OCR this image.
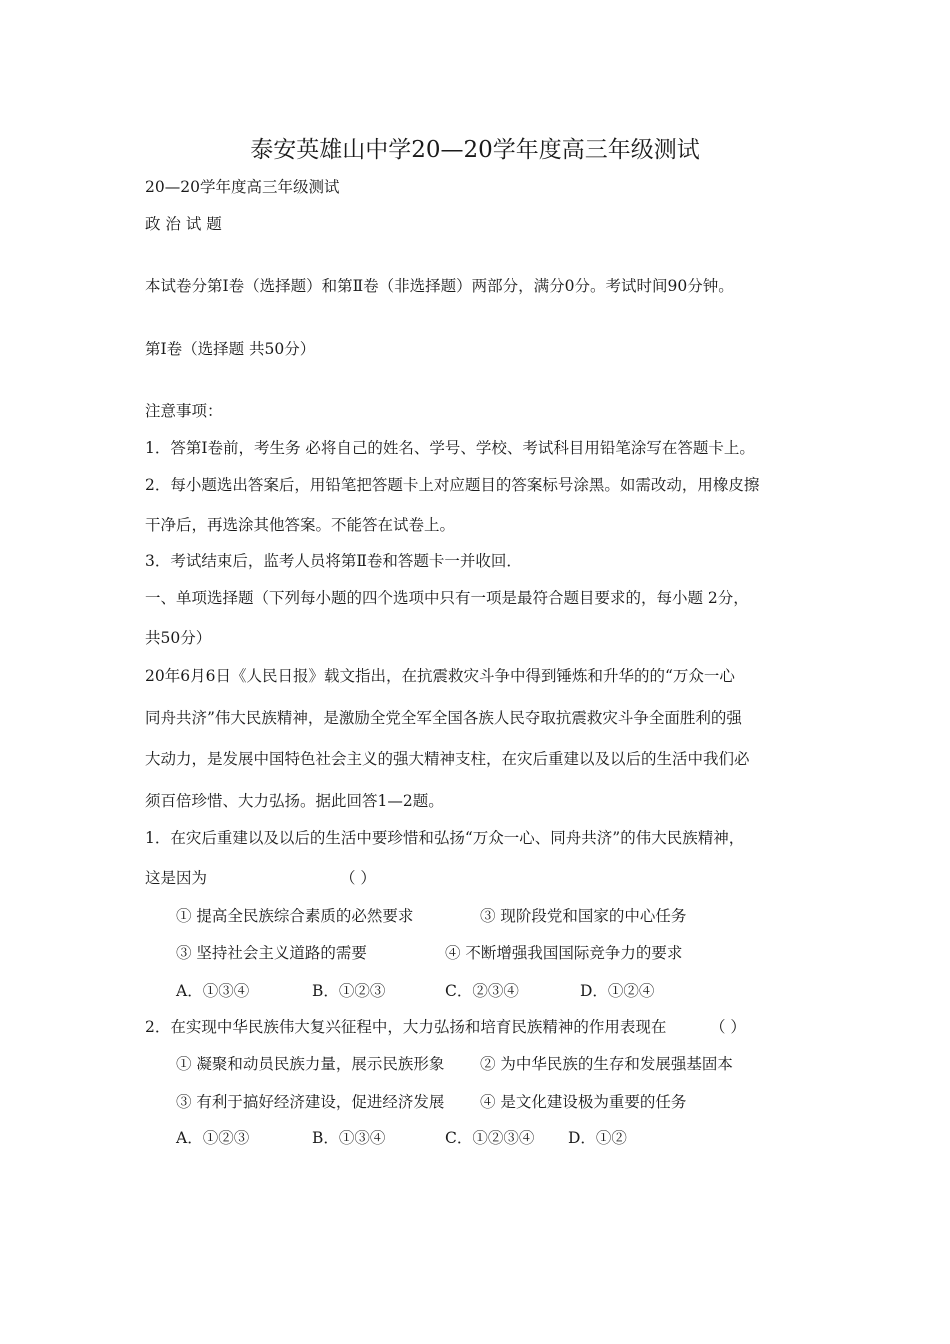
泰安英雄山中学20—20学年度高三年级测试
20—20学年度高三年级测试
政 治 试 题
本试卷分第Ⅰ卷（选择题）和第Ⅱ卷（非选择题）两部分，满分0分。考试时间90分钟。
第Ⅰ卷（选择题 共50分）
注意事项：
1．答第I卷前，考生务 必将自己的姓名、学号、学校、考试科目用铅笔涂写在答题卡上。
2．每小题选出答案后，用铅笔把答题卡上对应题目的答案标号涂黑。如需改动，用橡皮擦
干净后，再选涂其他答案。不能答在试卷上。
3．考试结束后，监考人员将第Ⅱ卷和答题卡一并收回．
一、单项选择题（下列每小题的四个选项中只有一项是最符合题目要求的，每小题 2分，
共50分）
20年6月6日《人民日报》载文指出，在抗震救灾斗争中得到锤炼和升华的的“万众一心
同舟共济”伟大民族精神，是激励全党全军全国各族人民夺取抗震救灾斗争全面胜利的强
大动力，是发展中国特色社会主义的强大精神支柱，在灾后重建以及以后的生活中我们必
须百倍珍惜、大力弘扬。据此回答1—2题。
1．在灾后重建以及以后的生活中要珍惜和弘扬“万众一心、同舟共济”的伟大民族精神，
这是因为	（ ）
① 提高全民族综合素质的必然要求	③ 现阶段党和国家的中心任务
③ 坚持社会主义道路的需要	④ 不断增强我国国际竞争力的要求
A．①③④	B．①②③	C．②③④	D．①②④
2．在实现中华民族伟大复兴征程中，大力弘扬和培育民族精神的作用表现在	（ ）
① 凝聚和动员民族力量，展示民族形象 ② 为中华民族的生存和发展强基固本
③ 有利于搞好经济建设，促进经济发展 ④ 是文化建设极为重要的任务
A．①②③	B．①③④	C．①②③④ D．①②
